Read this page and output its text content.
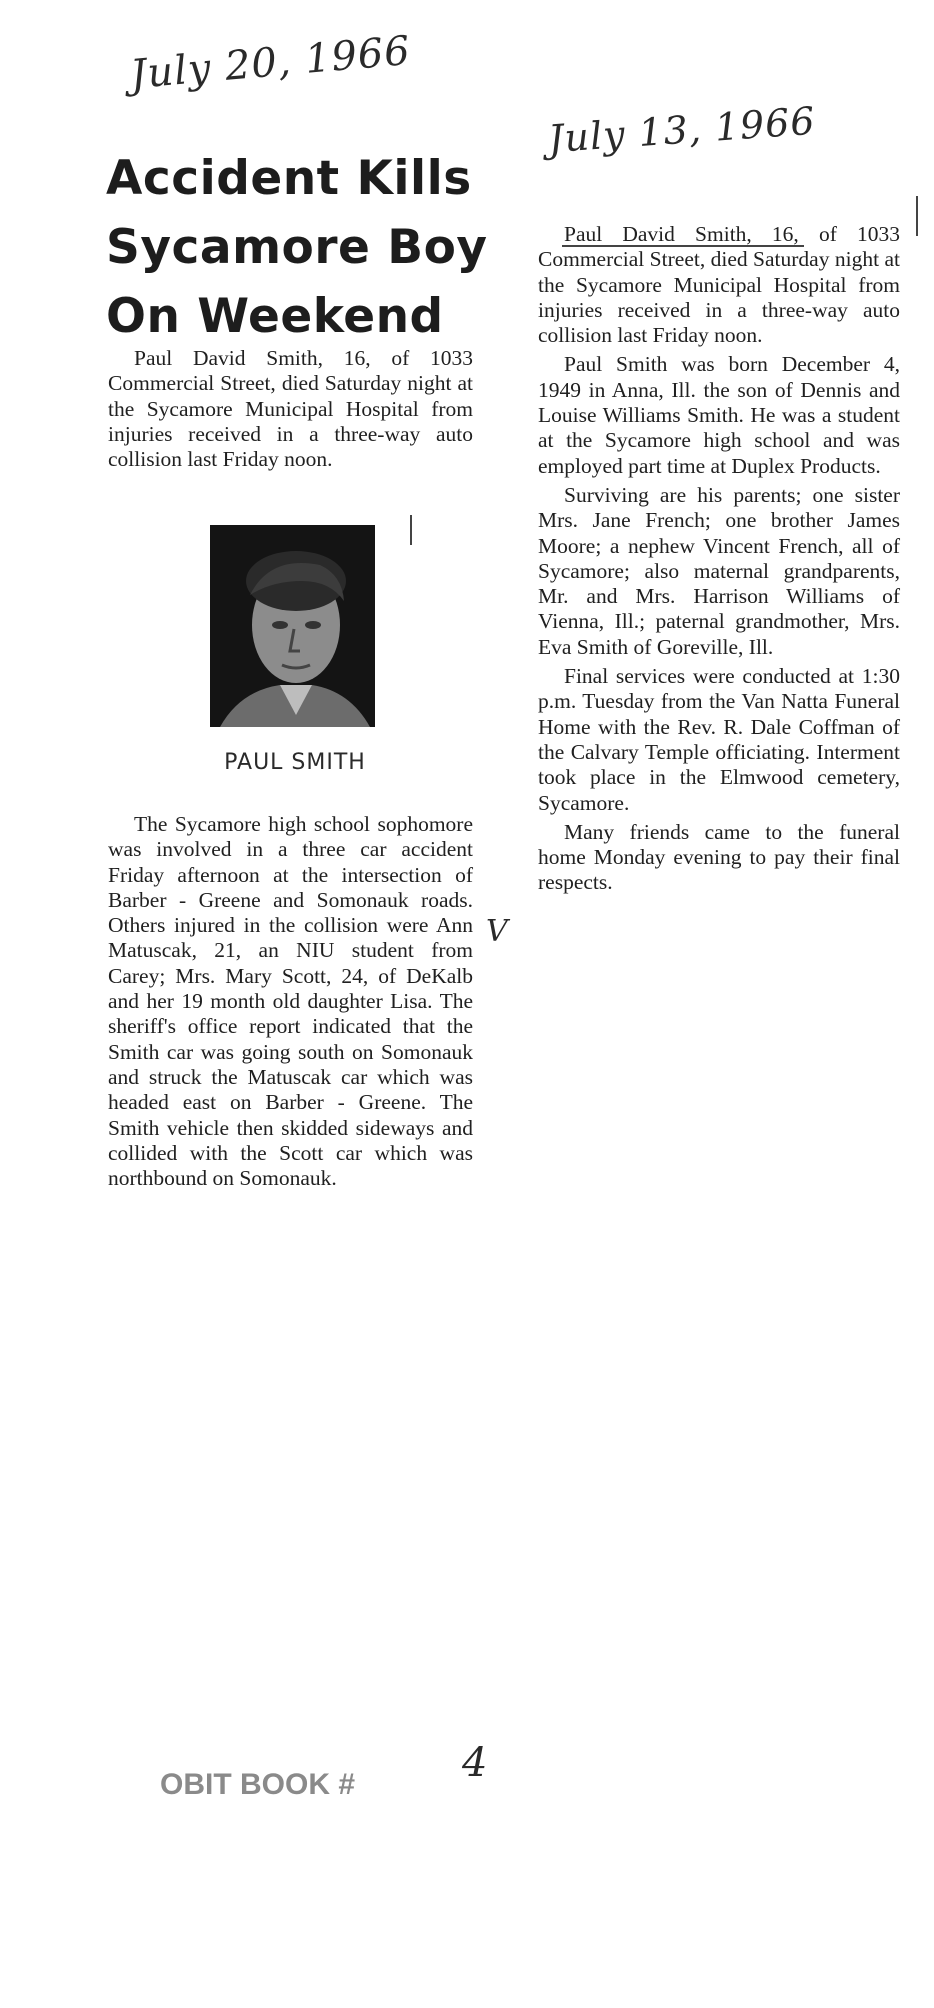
July 20, 1966
July 13, 1966
Accident Kills
Sycamore Boy
On Weekend

Paul David Smith, 16, of 1033 Commercial Street, died Saturday night at the Sycamore Municipal Hospital from injuries received in a three-way auto collision last Friday noon.

PAUL SMITH

The Sycamore high school sophomore was involved in a three car accident Friday afternoon at the intersection of Barber - Greene and Somonauk roads. Others injured in the collision were Ann Matuscak, 21, an NIU student from Carey; Mrs. Mary Scott, 24, of DeKalb and her 19 month old daughter Lisa. The sheriff's office report indicated that the Smith car was going south on Somonauk and struck the Matuscak car which was headed east on Barber - Greene. The Smith vehicle then skidded sideways and collided with the Scott car which was northbound on Somonauk.

V

Paul David Smith, 16, of 1033 Commercial Street, died Saturday night at the Sycamore Municipal Hospital from injuries received in a three-way auto collision last Friday noon.

Paul Smith was born December 4, 1949 in Anna, Ill. the son of Dennis and Louise Williams Smith. He was a student at the Sycamore high school and was employed part time at Duplex Products.

Surviving are his parents; one sister Mrs. Jane French; one brother James Moore; a nephew Vincent French, all of Sycamore; also maternal grandparents, Mr. and Mrs. Harrison Williams of Vienna, Ill.; paternal grandmother, Mrs. Eva Smith of Goreville, Ill.

Final services were conducted at 1:30 p.m. Tuesday from the Van Natta Funeral Home with the Rev. R. Dale Coffman of the Calvary Temple officiating. Interment took place in the Elmwood cemetery, Sycamore.

Many friends came to the funeral home Monday evening to pay their final respects.

OBIT BOOK #	4
